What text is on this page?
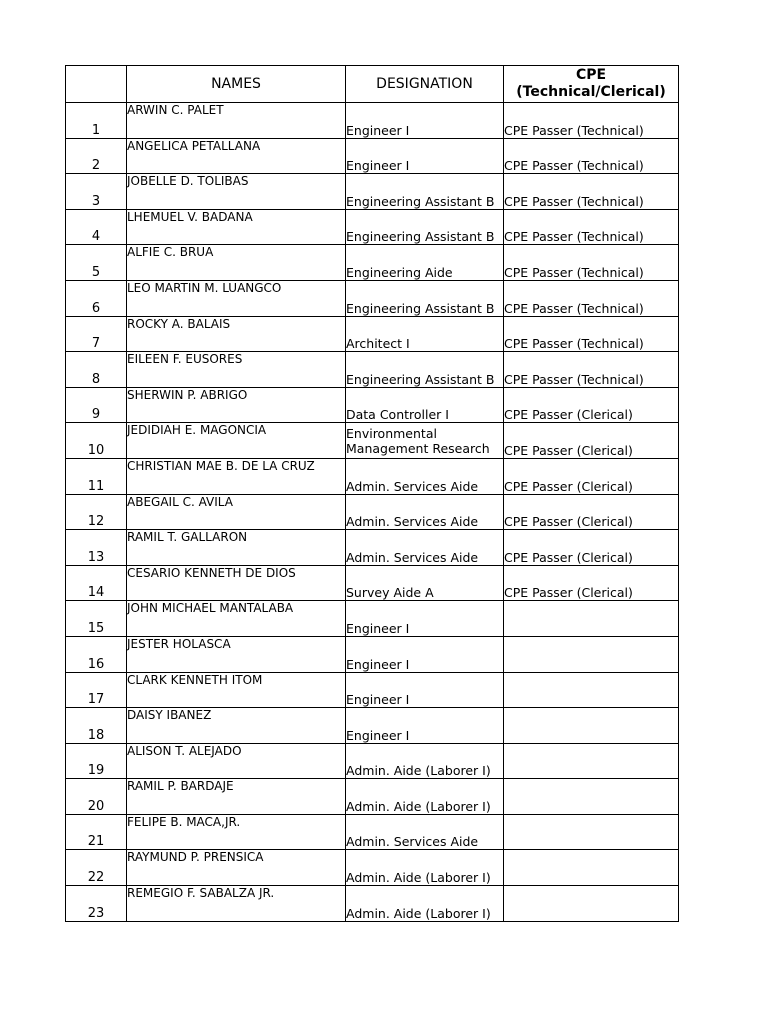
	NAMES	DESIGNATION	CPE
(Technical/Clerical)

1	ARWIN C. PALET	Engineer I	CPE Passer (Technical)
2	ANGELICA PETALLANA	Engineer I	CPE Passer (Technical)
3	JOBELLE D. TOLIBAS	Engineering Assistant B	CPE Passer (Technical)
4	LHEMUEL V. BADANA	Engineering Assistant B	CPE Passer (Technical)
5	ALFIE C. BRUA	Engineering Aide	CPE Passer (Technical)
6	LEO MARTIN M. LUANGCO	Engineering Assistant B	CPE Passer (Technical)
7	ROCKY A. BALAIS	Architect I	CPE Passer (Technical)
8	EILEEN F. EUSORES	Engineering Assistant B	CPE Passer (Technical)
9	SHERWIN P. ABRIGO	Data Controller I	CPE Passer (Clerical)
10	JEDIDIAH E. MAGONCIA	Environmental Management Research	CPE Passer (Clerical)
11	CHRISTIAN MAE B. DE LA CRUZ	Admin. Services Aide	CPE Passer (Clerical)
12	ABEGAIL C. AVILA	Admin. Services Aide	CPE Passer (Clerical)
13	RAMIL T. GALLARON	Admin. Services Aide	CPE Passer (Clerical)
14	CESARIO KENNETH DE DIOS	Survey Aide A	CPE Passer (Clerical)
15	JOHN MICHAEL MANTALABA	Engineer I	
16	JESTER HOLASCA	Engineer I	
17	CLARK KENNETH ITOM	Engineer I	
18	DAISY IBANEZ	Engineer I	
19	ALISON T. ALEJADO	Admin. Aide (Laborer I)	
20	RAMIL P. BARDAJE	Admin. Aide (Laborer I)	
21	FELIPE B. MACA,JR.	Admin. Services Aide	
22	RAYMUND P. PRENSICA	Admin. Aide (Laborer I)	
23	REMEGIO F. SABALZA JR.	Admin. Aide (Laborer I)	
